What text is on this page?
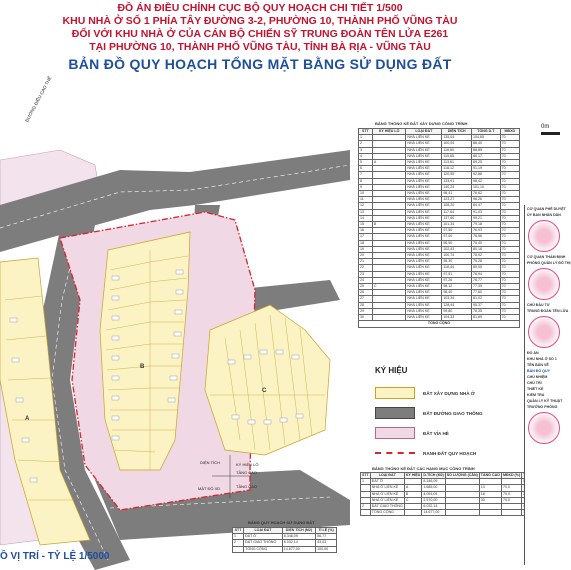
ĐỒ ÁN ĐIỀU CHỈNH CỤC BỘ QUY HOẠCH CHI TIẾT 1/500
KHU NHÀ Ở SỐ 1 PHÍA TÂY ĐƯỜNG 3-2, PHƯỜNG 10, THÀNH PHỐ VŨNG TÀU
ĐỐI VỚI KHU NHÀ Ở CỦA CÁN BỘ CHIẾN SỸ TRUNG ĐOÀN TÊN LỬA E261
TẠI PHƯỜNG 10, THÀNH PHỐ VŨNG TÀU, TỈNH BÀ RỊA - VŨNG TÀU
BẢN ĐỒ QUY HOẠCH TỔNG MẶT BẰNG SỬ DỤNG ĐẤT
B
C
A
ĐƯỜNG ĐIỀU CAO THẾ
DIỆN TÍCH	KÝ HIỆU LÔ
TẦNG CAO
MẬT ĐỘ XD	TẦNG CAO
BẢNG THỐNG KÊ ĐẤT XÂY DỰNG CÔNG TRÌNH
STT	KÝ HIỆU LÔ	LOẠI ĐẤT	DIỆN TÍCH	TỔNG D.T	MĐXD
1		NHÀ LIÊN KẾ	135,04	104,65	70
2		NHÀ LIÊN KẾ	100,04	86,40	70
3		NHÀ LIÊN KẾ	118,60	88,85	70
4		NHÀ LIÊN KẾ	115,65	86,17	70
5	A	NHÀ LIÊN KẾ	113,61	89,25	70
6		NHÀ LIÊN KẾ	118,12	91,19	70
7		NHÀ LIÊN KẾ	120,55	92,88	70
8		NHÀ LIÊN KẾ	133,91	98,42	70
9		NHÀ LIÊN KẾ	140,24	101,10	70
10		NHÀ LIÊN KẾ	98,41	76,62	70
11		NHÀ LIÊN KẾ	123,27	96,26	70
12		NHÀ LIÊN KẾ	108,20	84,47	70
13		NHÀ LIÊN KẾ	117,64	91,03	70
14		NHÀ LIÊN KẾ	137,60	99,21	70
15	B	NHÀ LIÊN KẾ	101,34	79,18	70
16		NHÀ LIÊN KẾ	97,50	76,93	70
17		NHÀ LIÊN KẾ	97,00	76,56	70
18		NHÀ LIÊN KẾ	96,90	76,40	70
19		NHÀ LIÊN KẾ	102,43	80,16	70
20		NHÀ LIÊN KẾ	100,74	78,92	70
21		NHÀ LIÊN KẾ	95,30	75,28	70
22		NHÀ LIÊN KẾ	118,44	89,05	70
23		NHÀ LIÊN KẾ	97,51	76,94	70
24		NHÀ LIÊN KẾ	97,26	76,77	70
25	C	NHÀ LIÊN KẾ	98,12	77,39	70
26		NHÀ LIÊN KẾ	98,40	77,60	70
27		NHÀ LIÊN KẾ	103,34	81,02	70
28		NHÀ LIÊN KẾ	128,44	95,37	70
29		NHÀ LIÊN KẾ	99,80	78,35	70
30		NHÀ LIÊN KẾ	104,33	81,69	70
TỔNG CỘNG					
0m
KÝ HIỆU
ĐẤT XÂY DỰNG NHÀ Ở
ĐẤT ĐƯỜNG GIAO THÔNG
ĐẤT VỈA HÈ
RANH ĐẤT QUY HOẠCH
BẢNG THỐNG KÊ ĐẤT CÁC HẠNG MỤC CÔNG TRÌNH
STT	LOẠI ĐẤT	KÝ HIỆU	D.TÍCH (M2)	SỐ LƯỢNG (CĂN)	TẦNG CAO	MĐXD (%)	
1	ĐẤT Ở		8.346,09				
	NHÀ Ở LIỀN KẾ	A	1.685,00		13	70,0	
	NHÀ Ở LIỀN KẾ	B	4.091,09		18	70,0	
	NHÀ Ở LIỀN KẾ	C	2.570,00		30	70,0	
2	ĐẤT GIAO THÔNG		6.032,14				
	TỔNG CỘNG		14.677,00				
BẢNG QUY HOẠCH SỬ DỤNG ĐẤT
STT	LOẠI ĐẤT	DIỆN TÍCH (M2)	TỈ LỆ (%)
1	ĐẤT Ở	8.346,09	56,77
2	ĐẤT GIAO THÔNG	6.032,14	43,03
	TỔNG CỘNG	14.677,00	100,00
Ồ VỊ TRÍ - TỶ LỆ 1/5000
CƠ QUAN PHÊ DUYỆT
ỦY BAN NHÂN DÂN
CƠ QUAN THẨM ĐỊNH
PHÒNG QUẢN LÝ ĐÔ THỊ
CHỦ ĐẦU TƯ
TRUNG ĐOÀN TÊN LỬA
ĐỒ ÁN
KHU NHÀ Ở SỐ 1
TÊN BẢN VẼ
BẢN ĐỒ QUY
CHỦ NHIỆM
CHỦ TRÌ
THIẾT KẾ
KIỂM TRA
QUẢN LÝ KỸ THUẬT
TRƯỞNG PHÒNG
